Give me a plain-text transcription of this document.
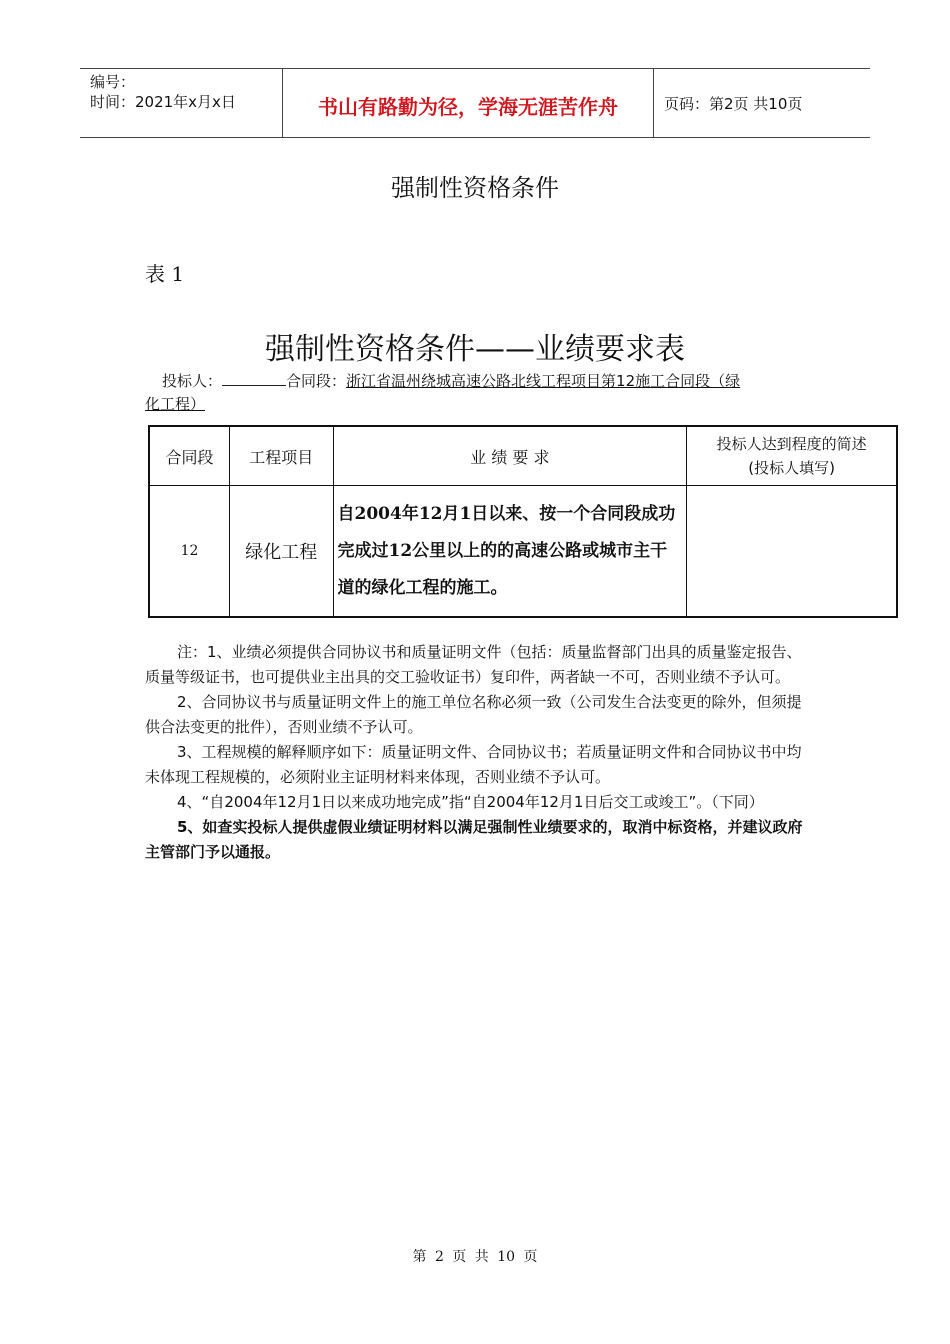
编号：
时间：2021年x月x日	书山有路勤为径，学海无涯苦作舟	页码：第2页 共10页
强制性资格条件
表 1
强制性资格条件——业绩要求表
投标人：	合同段：浙江省温州绕城高速公路北线工程项目第12施工合同段（绿
化工程）
合同段	工程项目	业 绩 要 求	投标人达到程度的简述
(投标人填写)

12	绿化工程	自2004年12月1日以来、按一个合同段成功完成过12公里以上的的高速公路或城市主干道的绿化工程的施工。	

注：1、业绩必须提供合同协议书和质量证明文件（包括：质量监督部门出具的质量鉴定报告、质量等级证书，也可提供业主出具的交工验收证书）复印件，两者缺一不可，否则业绩不予认可。

2、合同协议书与质量证明文件上的施工单位名称必须一致（公司发生合法变更的除外，但须提供合法变更的批件），否则业绩不予认可。

3、工程规模的解释顺序如下：质量证明文件、合同协议书；若质量证明文件和合同协议书中均未体现工程规模的，必须附业主证明材料来体现，否则业绩不予认可。

4、“自2004年12月1日以来成功地完成”指“自2004年12月1日后交工或竣工”。（下同）

5、如查实投标人提供虚假业绩证明材料以满足强制性业绩要求的，取消中标资格，并建议政府主管部门予以通报。

第 2 页 共 10 页
